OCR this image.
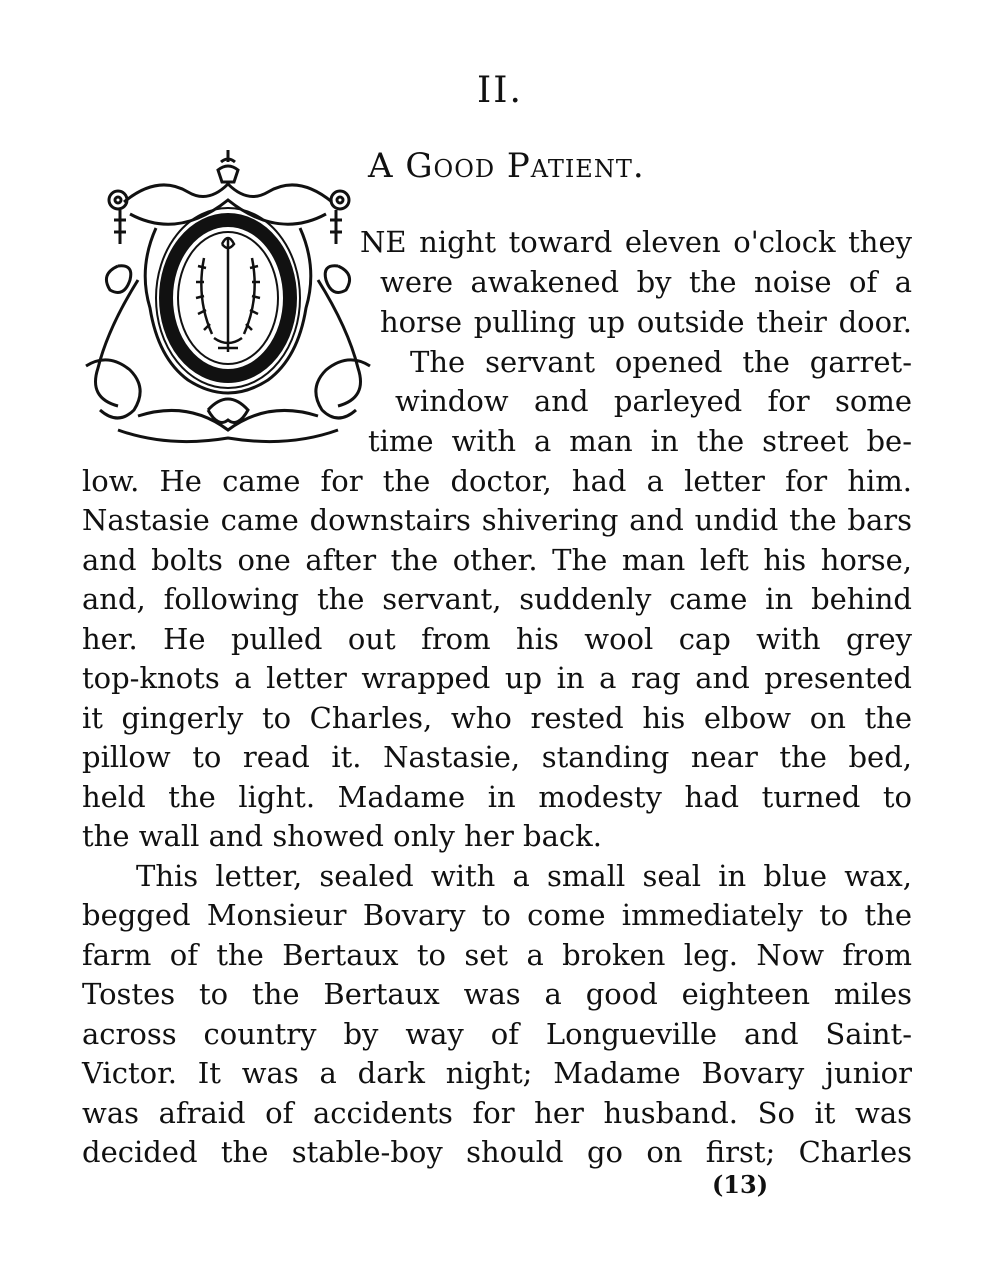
II.
A Good Patient.
NE night toward eleven o'clock they
were awakened by the noise of a
horse pulling up outside their door.
The servant opened the garret-
window and parleyed for some
time with a man in the street be-
low. He came for the doctor, had a letter for him.
Nastasie came downstairs shivering and undid the bars
and bolts one after the other. The man left his horse,
and, following the servant, suddenly came in behind
her. He pulled out from his wool cap with grey
top-knots a letter wrapped up in a rag and presented
it gingerly to Charles, who rested his elbow on the
pillow to read it. Nastasie, standing near the bed,
held the light. Madame in modesty had turned to
the wall and showed only her back.
This letter, sealed with a small seal in blue wax,
begged Monsieur Bovary to come immediately to the
farm of the Bertaux to set a broken leg. Now from
Tostes to the Bertaux was a good eighteen miles
across country by way of Longueville and Saint-
Victor. It was a dark night; Madame Bovary junior
was afraid of accidents for her husband. So it was
decided the stable-boy should go on first; Charles
(13)
